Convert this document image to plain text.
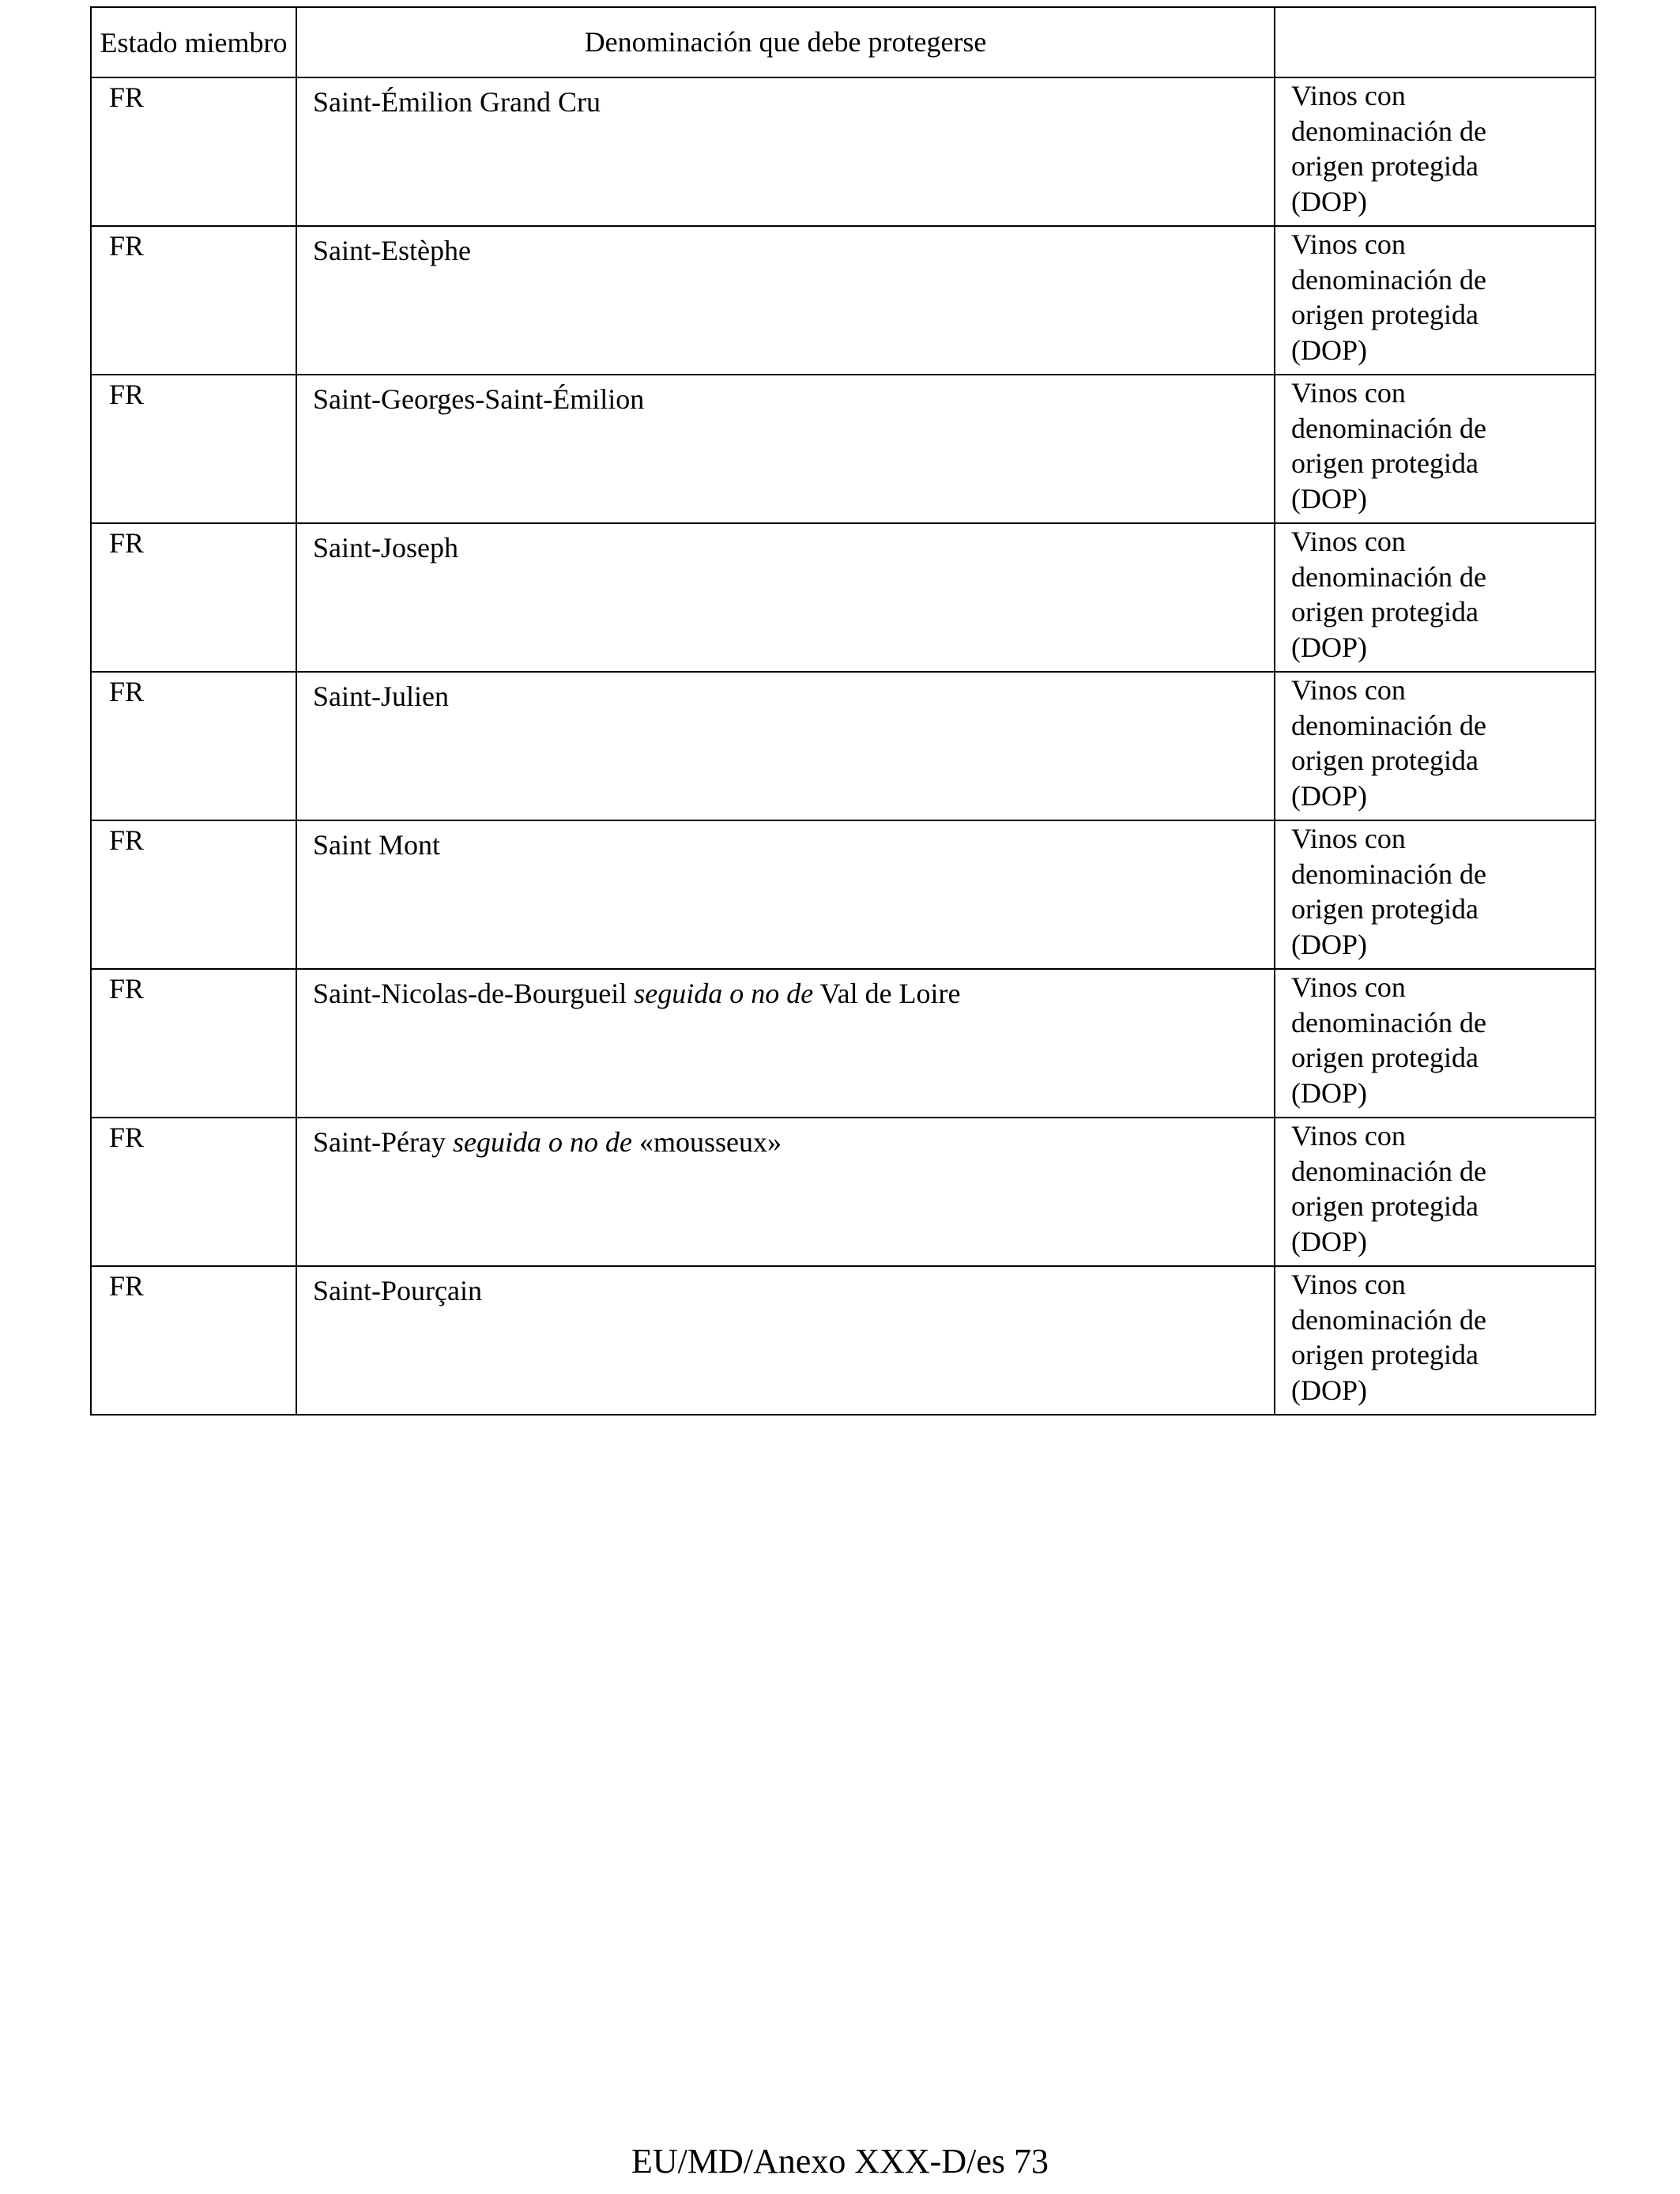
Estado miembro	Denominación que debe protegerse	
FR	Saint-Émilion Grand Cru	Vinos con denominación de origen protegida (DOP)

FR	Saint-Estèphe	Vinos con denominación de origen protegida (DOP)

FR	Saint-Georges-Saint-Émilion	Vinos con denominación de origen protegida (DOP)

FR	Saint-Joseph	Vinos con denominación de origen protegida (DOP)

FR	Saint-Julien	Vinos con denominación de origen protegida (DOP)

FR	Saint Mont	Vinos con denominación de origen protegida (DOP)

FR	Saint-Nicolas-de-Bourgueil seguida o no de Val de Loire	Vinos con denominación de origen protegida (DOP)

FR	Saint-Péray seguida o no de «mousseux»	Vinos con denominación de origen protegida (DOP)

FR	Saint-Pourçain	Vinos con denominación de origen protegida (DOP)
EU/MD/Anexo XXX-D/es 73
